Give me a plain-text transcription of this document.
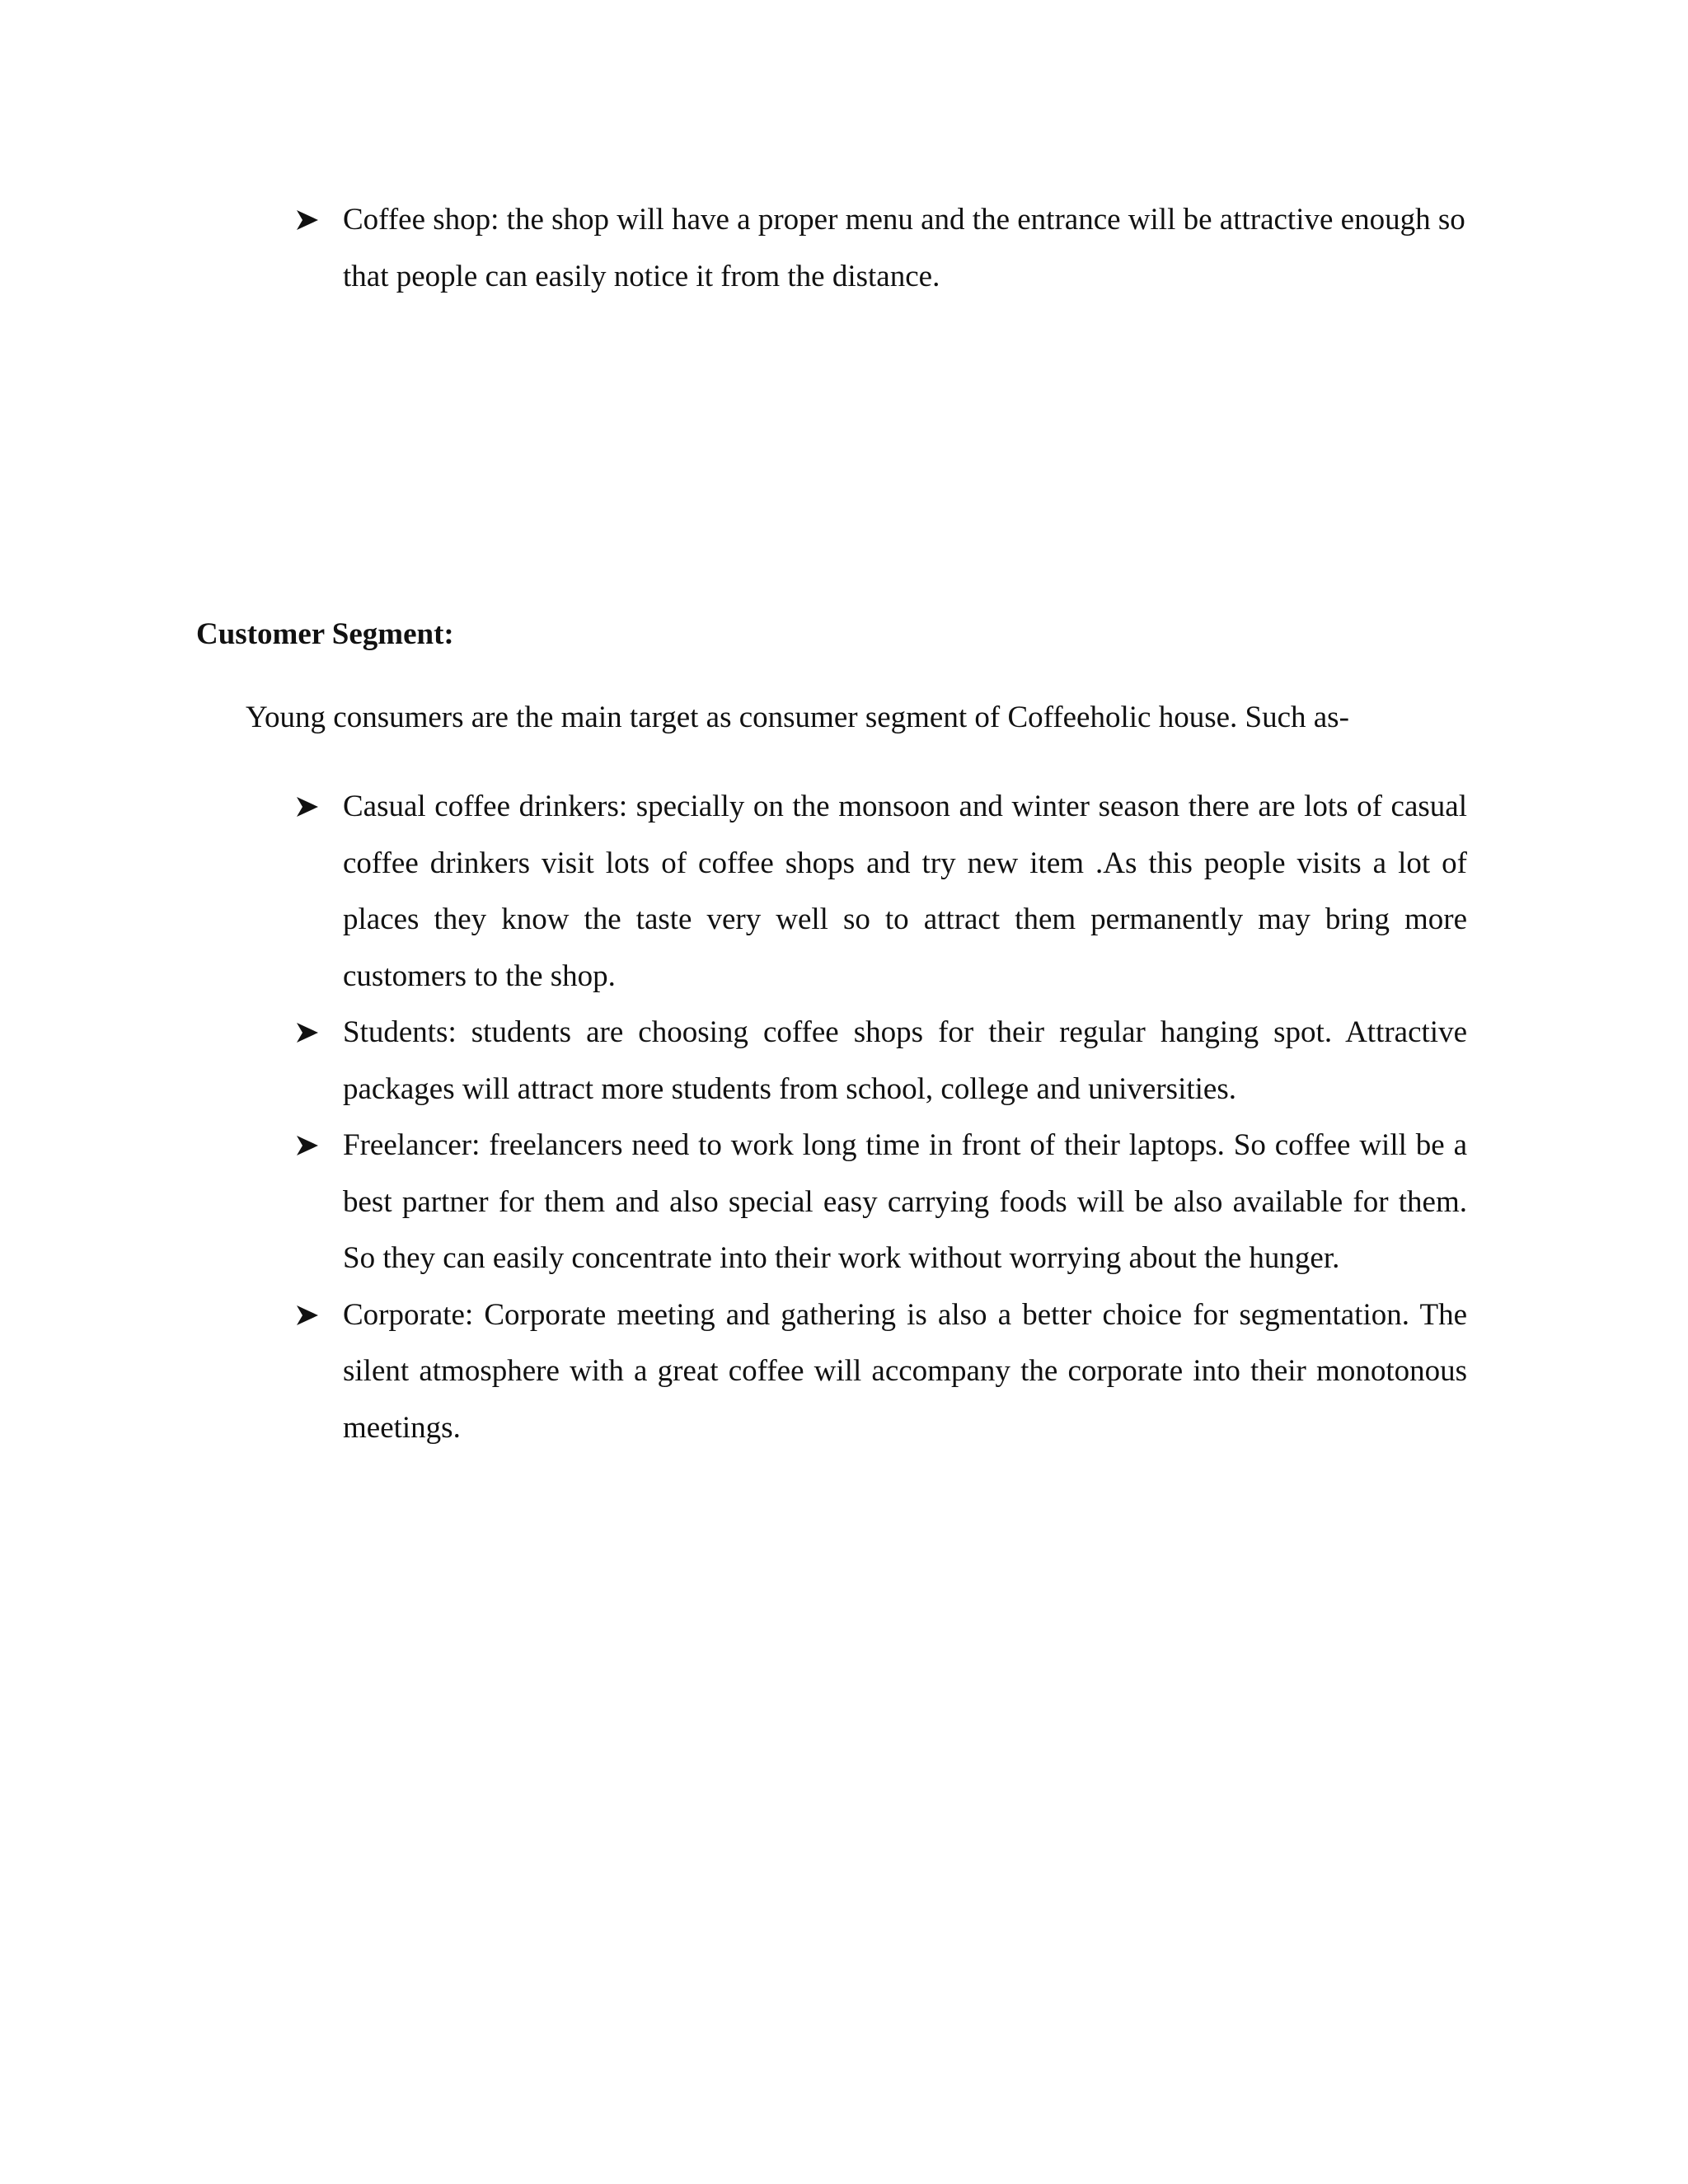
Coffee shop: the shop will have a proper menu and the entrance will be attractive enough so that people can easily notice it from the distance.
Customer Segment:

Young consumers are the main target as consumer segment of Coffeeholic house. Such as-

Casual coffee drinkers: specially on the monsoon and winter season there are lots of casual coffee drinkers visit lots of coffee shops and try new item .As this people visits a lot of places they know the taste very well so to attract them permanently may bring more customers to the shop.
Students: students are choosing coffee shops for their regular hanging spot. Attractive packages will attract more students from school, college and universities.
Freelancer: freelancers need to work long time in front of their laptops. So coffee will be a best partner for them and also special easy carrying foods will be also available for them. So they can easily concentrate into their work without worrying about the hunger.
Corporate: Corporate meeting and gathering is also a better choice for segmentation. The silent atmosphere with a great coffee will accompany the corporate into their monotonous meetings.
